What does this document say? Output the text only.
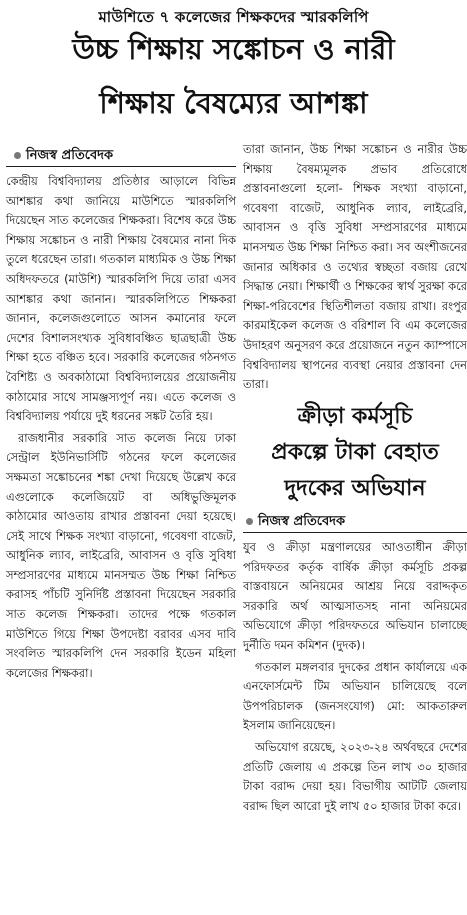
মাউশিতে ৭ কলেজের শিক্ষকদের স্মারকলিপি
উচ্চ শিক্ষায় সঙ্কোচন ও নারী
শিক্ষায় বৈষম্যের আশঙ্কা
নিজস্ব প্রতিবেদক

কেন্দ্রীয় বিশ্ববিদ্যালয় প্রতিষ্ঠার আড়ালে বিভিন্ন আশঙ্কার কথা জানিয়ে মাউশিতে স্মারকলিপি দিয়েছেন সাত কলেজের শিক্ষকরা। বিশেষ করে উচ্চ শিক্ষায় সঙ্কোচন ও নারী শিক্ষায় বৈষম্যের নানা দিক তুলে ধরেছেন তারা। গতকাল মাধ্যমিক ও উচ্চ শিক্ষা অধিদফতরে (মাউশি) স্মারকলিপি দিয়ে তারা এসব আশঙ্কার কথা জানান। স্মারকলিপিতে শিক্ষকরা জানান, কলেজগুলোতে আসন কমানোর ফলে দেশের বিশালসংখ্যক সুবিধাবঞ্চিত ছাত্রছাত্রী উচ্চ শিক্ষা হতে বঞ্চিত হবে। সরকারি কলেজের গঠনগত বৈশিষ্ট্য ও অবকাঠামো বিশ্ববিদ্যালয়ের প্রয়োজনীয় কাঠামোর সাথে সামঞ্জস্যপূর্ণ নয়। এতে কলেজ ও বিশ্ববিদ্যালয় পর্যায়ে দুই ধরনের সঙ্কট তৈরি হয়।

রাজধানীর সরকারি সাত কলেজ নিয়ে ঢাকা সেন্ট্রাল ইউনিভার্সিটি গঠনের ফলে কলেজের সক্ষমতা সঙ্কোচনের শঙ্কা দেখা দিয়েছে উল্লেখ করে এগুলোকে কলেজিয়েট বা অধিভুক্তিমূলক কাঠামোর আওতায় রাখার প্রস্তাবনা দেয়া হয়েছে। সেই সাথে শিক্ষক সংখ্যা বাড়ানো, গবেষণা বাজেট, আধুনিক ল্যাব, লাইব্রেরি, আবাসন ও বৃত্তি সুবিধা সম্প্রসারণের মাধ্যমে মানসম্মত উচ্চ শিক্ষা নিশ্চিত করাসহ পাঁচটি সুনির্দিষ্ট প্রস্তাবনা দিয়েছেন সরকারি সাত কলেজ শিক্ষকরা। তাদের পক্ষে গতকাল মাউশিতে গিয়ে শিক্ষা উপদেষ্টা বরাবর এসব দাবি সংবলিত স্মারকলিপি দেন সরকারি ইডেন মহিলা কলেজের শিক্ষকরা।

তারা জানান, উচ্চ শিক্ষা সঙ্কোচন ও নারীর উচ্চ শিক্ষায় বৈষম্যমূলক প্রভাব প্রতিরোধে প্রস্তাবনাগুলো হলো- শিক্ষক সংখ্যা বাড়ানো, গবেষণা বাজেট, আধুনিক ল্যাব, লাইব্রেরি, আবাসন ও বৃত্তি সুবিধা সম্প্রসারণের মাধ্যমে মানসম্মত উচ্চ শিক্ষা নিশ্চিত করা। সব অংশীজনের জানার অধিকার ও তথ্যের স্বচ্ছতা বজায় রেখে সিদ্ধান্ত নেয়া। শিক্ষার্থী ও শিক্ষকের স্বার্থ সুরক্ষা করে শিক্ষা-পরিবেশের স্থিতিশীলতা বজায় রাখা। রংপুর কারমাইকেল কলেজ ও বরিশাল বি এম কলেজের উদাহরণ অনুসরণ করে প্রয়োজনে নতুন ক্যাম্পাসে বিশ্ববিদ্যালয় স্থাপনের ব্যবস্থা নেয়ার প্রস্তাবনা দেন তারা।

ক্রীড়া কর্মসূচি
প্রকল্পে টাকা বেহাত
দুদকের অভিযান
নিজস্ব প্রতিবেদক

যুব ও ক্রীড়া মন্ত্রণালয়ের আওতাধীন ক্রীড়া পরিদফতর কর্তৃক বার্ষিক ক্রীড়া কর্মসূচি প্রকল্প বাস্তবায়নে অনিয়মের আশ্রয় নিয়ে বরাদ্দকৃত সরকারি অর্থ আত্মসাতসহ নানা অনিয়মের অভিযোগে ক্রীড়া পরিদফতরে অভিযান চালাচ্ছে দুর্নীতি দমন কমিশন (দুদক)।

গতকাল মঙ্গলবার দুদকের প্রধান কার্যালয়ে এক এনফোর্সমেন্ট টিম অভিযান চালিয়েছে বলে উপপরিচালক (জনসংযোগ) মো: আকতারুল ইসলাম জানিয়েছেন।

অভিযোগ রয়েছে, ২০২৩-২৪ অর্থবছরে দেশের প্রতিটি জেলায় এ প্রকল্পে তিন লাখ ৩০ হাজার টাকা বরাদ্দ দেয়া হয়। বিভাগীয় আটটি জেলায় বরাদ্দ ছিল আরো দুই লাখ ৫০ হাজার টাকা করে।
